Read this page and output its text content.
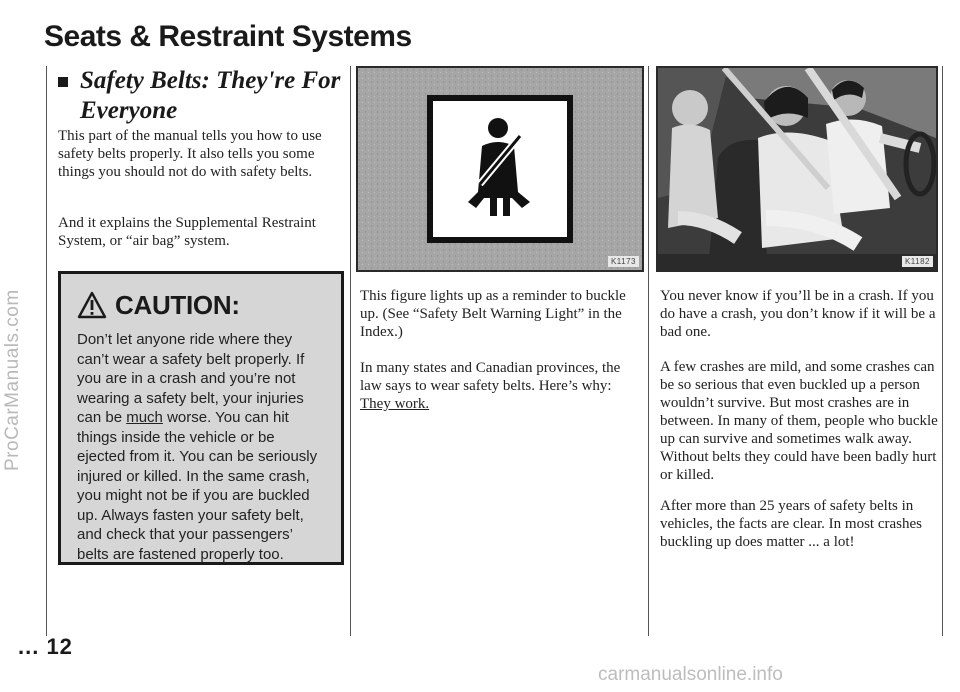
ProCarManuals.com
carmanualsonline.info
Seats & Restraint Systems
Safety Belts: They're For Everyone
This part of the manual tells you how to use safety belts properly. It also tells you some things you should not do with safety belts.
And it explains the Supplemental Restraint System, or “air bag” system.
CAUTION:
Don’t let anyone ride where they can’t wear a safety belt properly. If you are in a crash and you’re not wearing a safety belt, your injuries can be much worse. You can hit things inside the vehicle or be ejected from it. You can be seriously injured or killed. In the same crash, you might not be if you are buckled up. Always fasten your safety belt, and check that your passengers’ belts are fastened properly too.
K1173
This figure lights up as a reminder to buckle up. (See “Safety Belt Warning Light” in the Index.)
In many states and Canadian provinces, the law says to wear safety belts. Here’s why: They work.
K1182
You never know if you’ll be in a crash. If you do have a crash, you don’t know if it will be a bad one.
A few crashes are mild, and some crashes can be so serious that even buckled up a person wouldn’t survive. But most crashes are in between. In many of them, people who buckle up can survive and sometimes walk away. Without belts they could have been badly hurt or killed.
After more than 25 years of safety belts in vehicles, the facts are clear. In most crashes buckling up does matter ... a lot!
... 12
